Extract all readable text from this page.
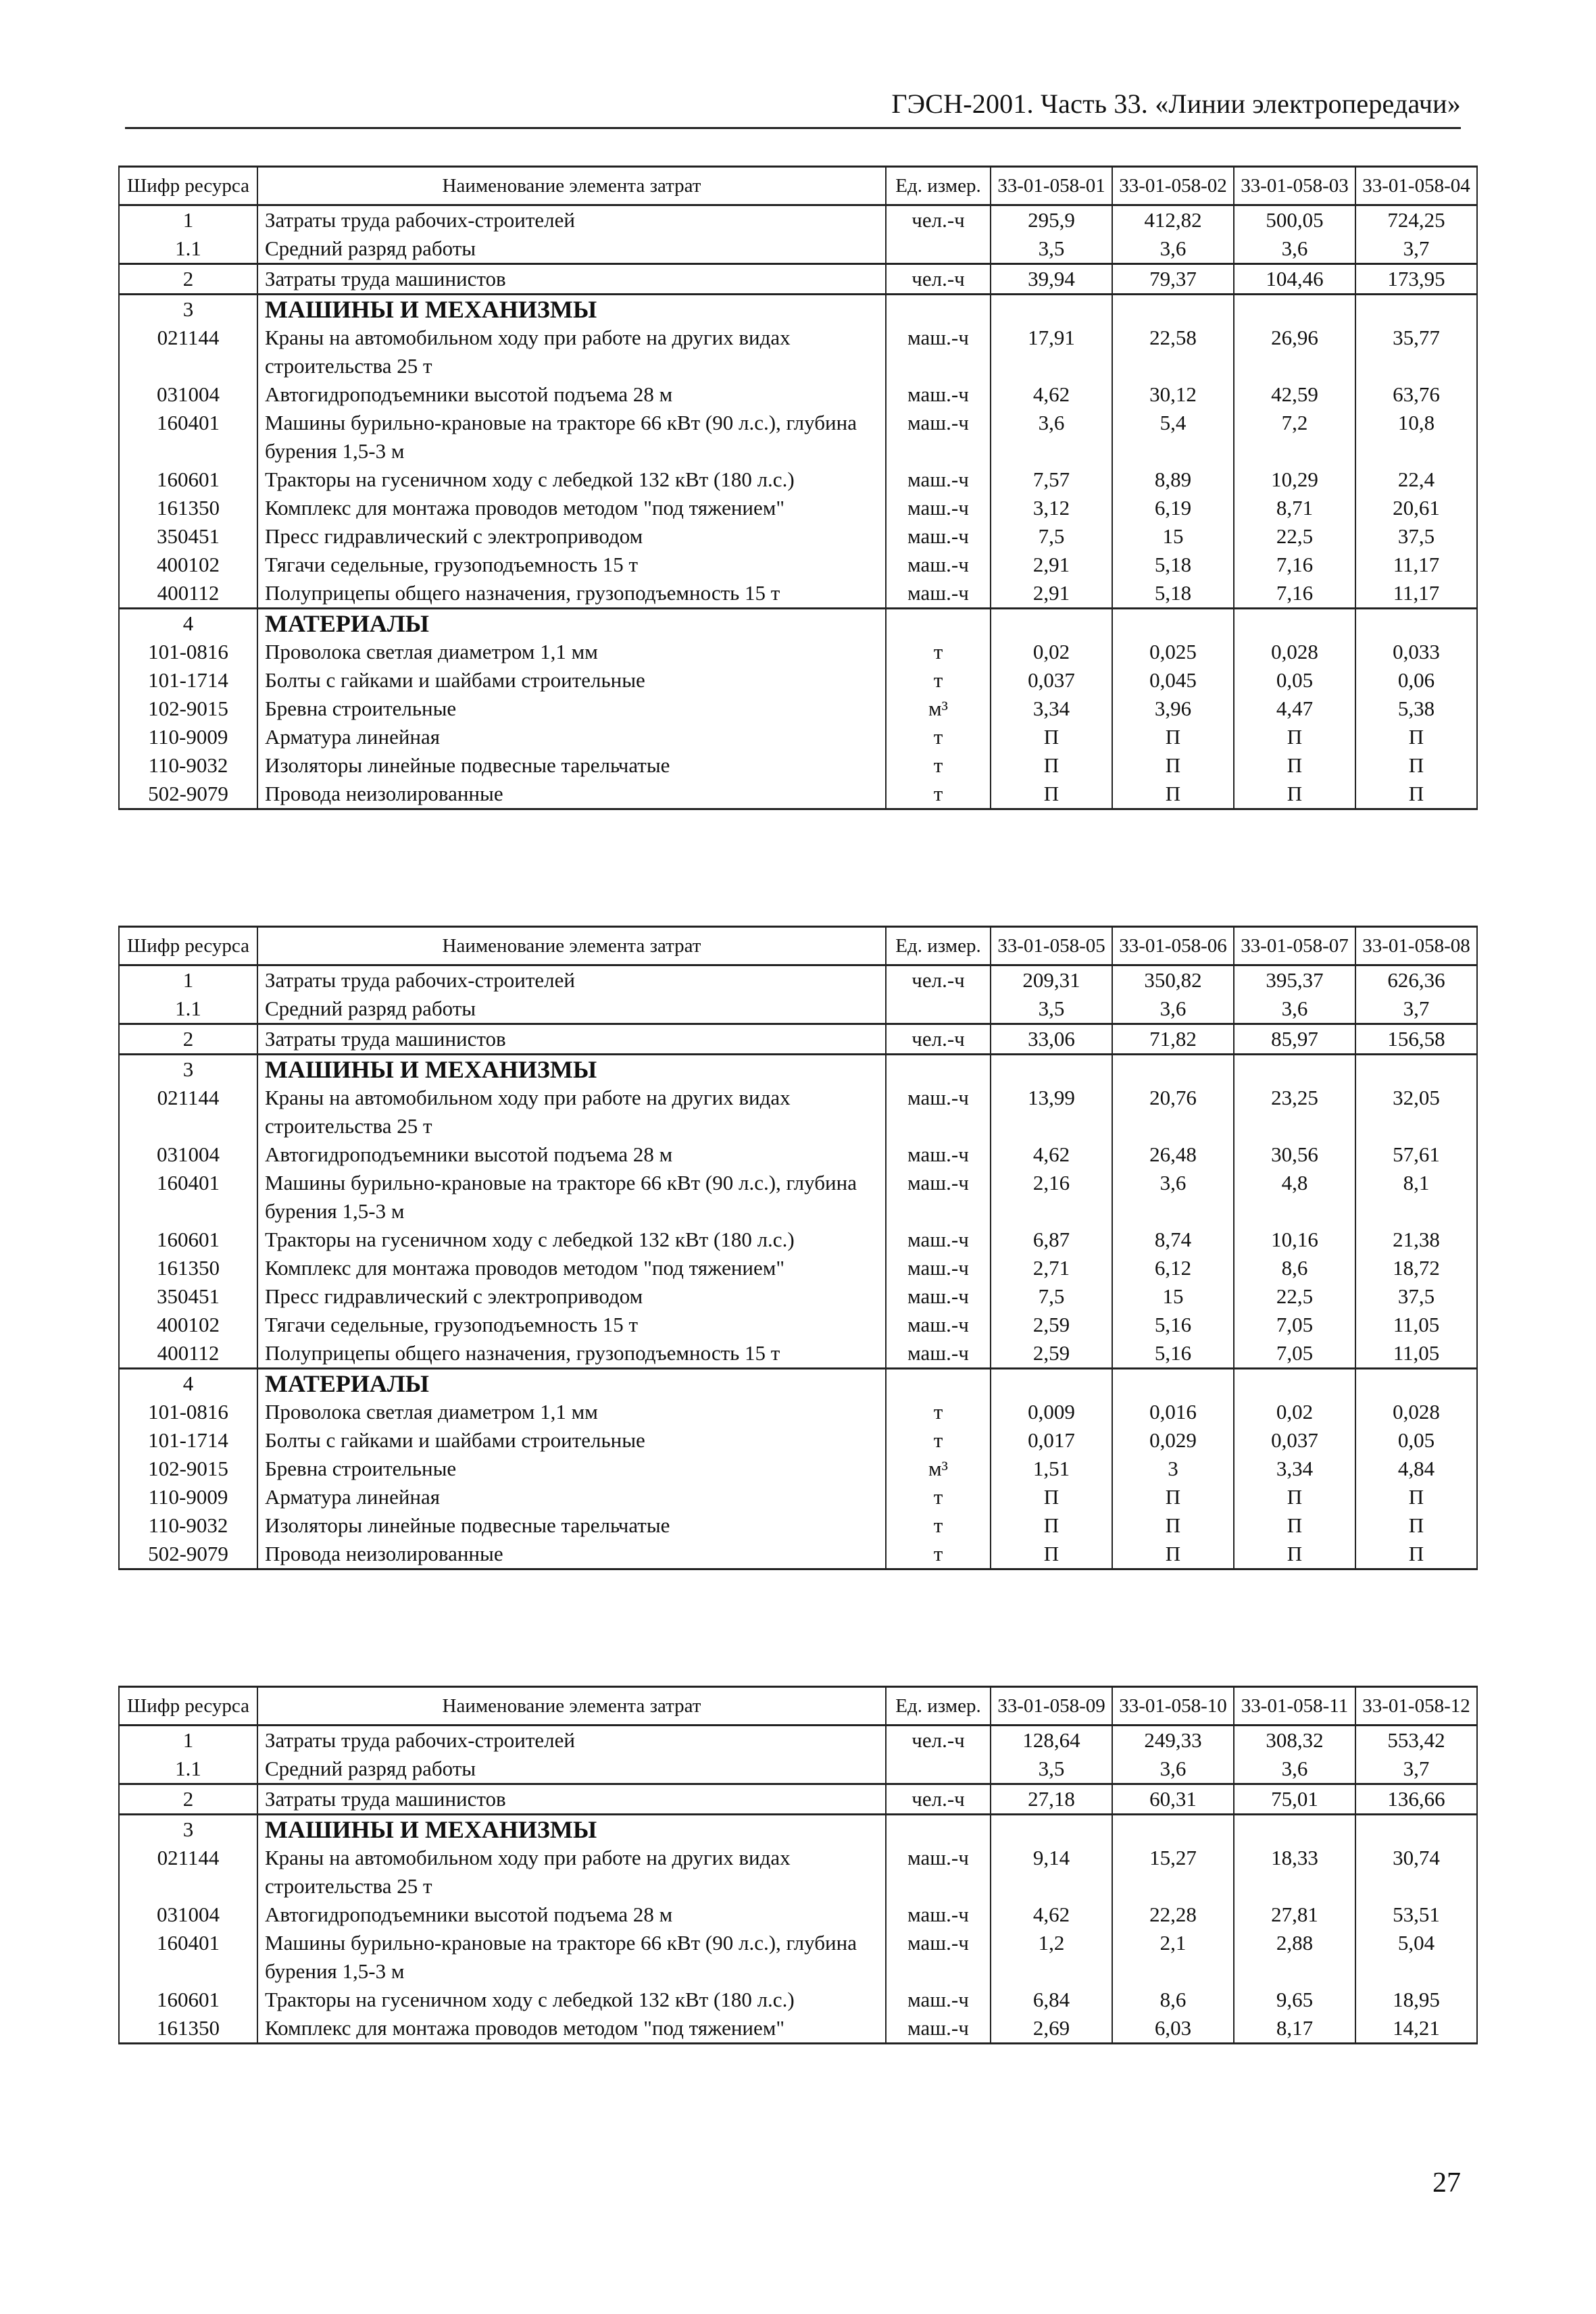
ГЭСН-2001. Часть 33. «Линии электропередачи»
Шифр ресурса	Наименование элемента затрат	Ед. измер.	33-01-058-01	33-01-058-02	33-01-058-03	33-01-058-04
1	Затраты труда рабочих-строителей	чел.-ч	295,9	412,82	500,05	724,25
1.1	Средний разряд работы		3,5	3,6	3,6	3,7
2	Затраты труда машинистов	чел.-ч	39,94	79,37	104,46	173,95
3	МАШИНЫ И МЕХАНИЗМЫ					
021144	Краны на автомобильном ходу при работе на других видах строительства 25 т	маш.-ч	17,91	22,58	26,96	35,77
031004	Автогидроподъемники высотой подъема 28 м	маш.-ч	4,62	30,12	42,59	63,76
160401	Машины бурильно-крановые на тракторе 66 кВт (90 л.с.), глубина бурения 1,5-3 м	маш.-ч	3,6	5,4	7,2	10,8
160601	Тракторы на гусеничном ходу с лебедкой 132 кВт (180 л.с.)	маш.-ч	7,57	8,89	10,29	22,4
161350	Комплекс для монтажа проводов методом "под тяжением"	маш.-ч	3,12	6,19	8,71	20,61
350451	Пресс гидравлический с электроприводом	маш.-ч	7,5	15	22,5	37,5
400102	Тягачи седельные, грузоподъемность 15 т	маш.-ч	2,91	5,18	7,16	11,17
400112	Полуприцепы общего назначения, грузоподъемность 15 т	маш.-ч	2,91	5,18	7,16	11,17
4	МАТЕРИАЛЫ					
101-0816	Проволока светлая диаметром 1,1 мм	т	0,02	0,025	0,028	0,033
101-1714	Болты с гайками и шайбами строительные	т	0,037	0,045	0,05	0,06
102-9015	Бревна строительные	м³	3,34	3,96	4,47	5,38
110-9009	Арматура линейная	т	П	П	П	П
110-9032	Изоляторы линейные подвесные тарельчатые	т	П	П	П	П
502-9079	Провода неизолированные	т	П	П	П	П
Шифр ресурса	Наименование элемента затрат	Ед. измер.	33-01-058-05	33-01-058-06	33-01-058-07	33-01-058-08
1	Затраты труда рабочих-строителей	чел.-ч	209,31	350,82	395,37	626,36
1.1	Средний разряд работы		3,5	3,6	3,6	3,7
2	Затраты труда машинистов	чел.-ч	33,06	71,82	85,97	156,58
3	МАШИНЫ И МЕХАНИЗМЫ					
021144	Краны на автомобильном ходу при работе на других видах строительства 25 т	маш.-ч	13,99	20,76	23,25	32,05
031004	Автогидроподъемники высотой подъема 28 м	маш.-ч	4,62	26,48	30,56	57,61
160401	Машины бурильно-крановые на тракторе 66 кВт (90 л.с.), глубина бурения 1,5-3 м	маш.-ч	2,16	3,6	4,8	8,1
160601	Тракторы на гусеничном ходу с лебедкой 132 кВт (180 л.с.)	маш.-ч	6,87	8,74	10,16	21,38
161350	Комплекс для монтажа проводов методом "под тяжением"	маш.-ч	2,71	6,12	8,6	18,72
350451	Пресс гидравлический с электроприводом	маш.-ч	7,5	15	22,5	37,5
400102	Тягачи седельные, грузоподъемность 15 т	маш.-ч	2,59	5,16	7,05	11,05
400112	Полуприцепы общего назначения, грузоподъемность 15 т	маш.-ч	2,59	5,16	7,05	11,05
4	МАТЕРИАЛЫ					
101-0816	Проволока светлая диаметром 1,1 мм	т	0,009	0,016	0,02	0,028
101-1714	Болты с гайками и шайбами строительные	т	0,017	0,029	0,037	0,05
102-9015	Бревна строительные	м³	1,51	3	3,34	4,84
110-9009	Арматура линейная	т	П	П	П	П
110-9032	Изоляторы линейные подвесные тарельчатые	т	П	П	П	П
502-9079	Провода неизолированные	т	П	П	П	П
Шифр ресурса	Наименование элемента затрат	Ед. измер.	33-01-058-09	33-01-058-10	33-01-058-11	33-01-058-12
1	Затраты труда рабочих-строителей	чел.-ч	128,64	249,33	308,32	553,42
1.1	Средний разряд работы		3,5	3,6	3,6	3,7
2	Затраты труда машинистов	чел.-ч	27,18	60,31	75,01	136,66
3	МАШИНЫ И МЕХАНИЗМЫ					
021144	Краны на автомобильном ходу при работе на других видах строительства 25 т	маш.-ч	9,14	15,27	18,33	30,74
031004	Автогидроподъемники высотой подъема 28 м	маш.-ч	4,62	22,28	27,81	53,51
160401	Машины бурильно-крановые на тракторе 66 кВт (90 л.с.), глубина бурения 1,5-3 м	маш.-ч	1,2	2,1	2,88	5,04
160601	Тракторы на гусеничном ходу с лебедкой 132 кВт (180 л.с.)	маш.-ч	6,84	8,6	9,65	18,95
161350	Комплекс для монтажа проводов методом "под тяжением"	маш.-ч	2,69	6,03	8,17	14,21
27
